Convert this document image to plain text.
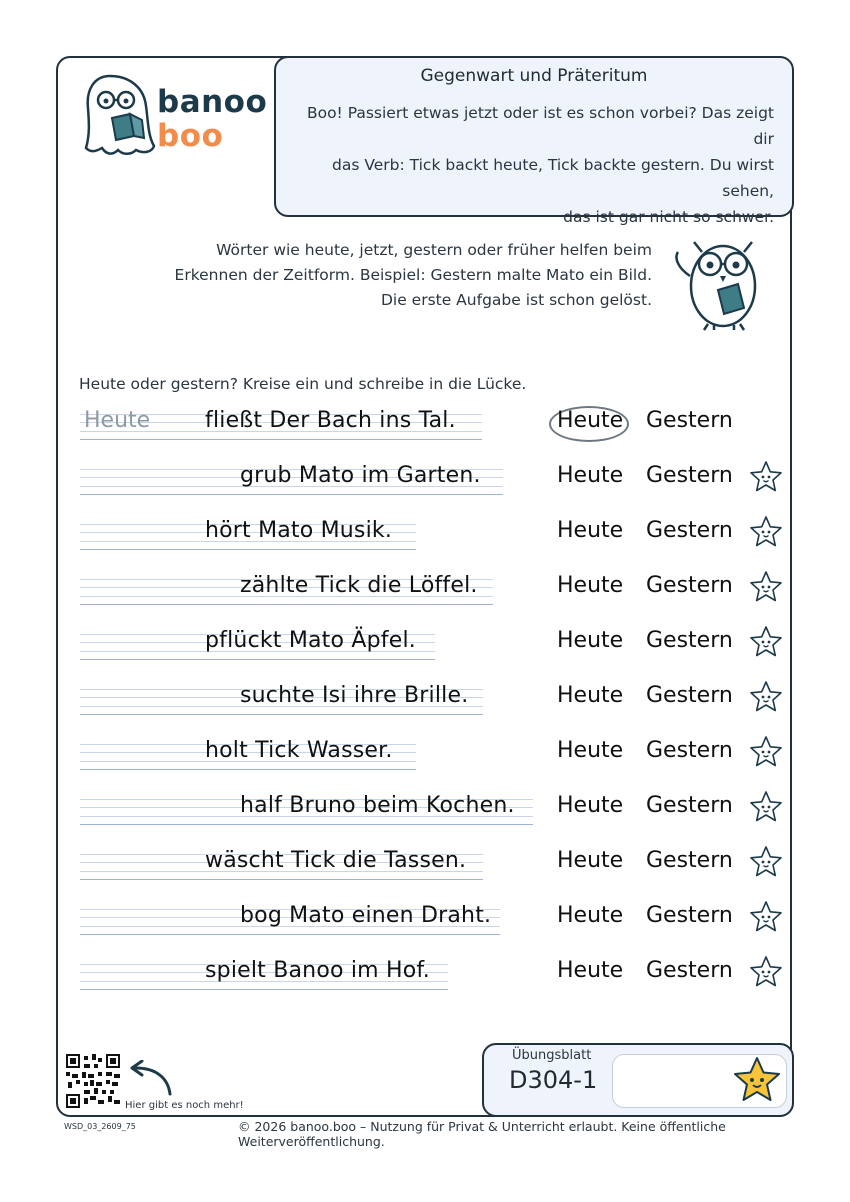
banoo
boo
Gegenwart und Präteritum
Boo! Passiert etwas jetzt oder ist es schon vorbei? Das zeigt dir
das Verb: Tick backt heute, Tick backte gestern. Du wirst sehen,
das ist gar nicht so schwer.
Wörter wie heute, jetzt, gestern oder früher helfen beim
Erkennen der Zeitform. Beispiel: Gestern malte Mato ein Bild.
Die erste Aufgabe ist schon gelöst.
Heute oder gestern? Kreise ein und schreibe in die Lücke.
Heute fließt Der Bach ins Tal.	Heute Gestern
grub Mato im Garten.	Heute Gestern
hört Mato Musik.	Heute Gestern
zählte Tick die Löffel.	Heute Gestern
pflückt Mato Äpfel.	Heute Gestern
suchte Isi ihre Brille.	Heute Gestern
holt Tick Wasser.	Heute Gestern
half Bruno beim Kochen. Heute Gestern
wäscht Tick die Tassen.	Heute Gestern
bog Mato einen Draht.	Heute Gestern
spielt Banoo im Hof.	Heute Gestern
Hier gibt es noch mehr!
Übungsblatt
D304-1
WSD_03_2609_75	© 2026 banoo.boo – Nutzung für Privat & Unterricht erlaubt. Keine öffentliche Weiterveröffentlichung.
